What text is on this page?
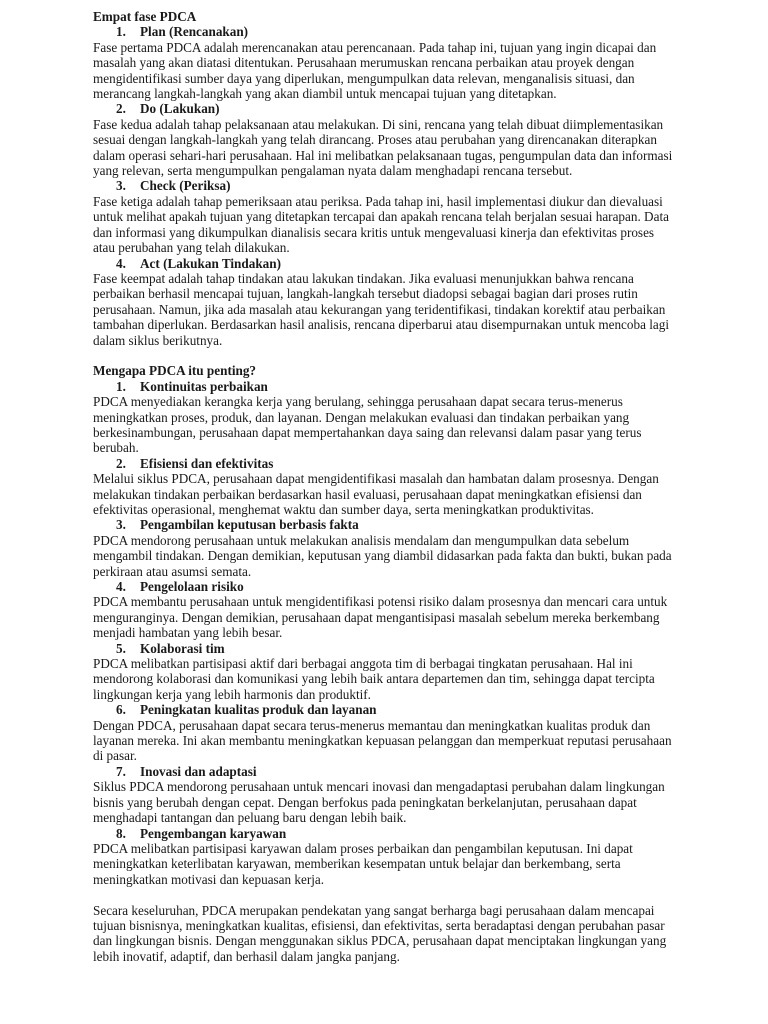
Empat fase PDCA

1. Plan (Rencanakan)

Fase pertama PDCA adalah merencanakan atau perencanaan. Pada tahap ini, tujuan yang ingin dicapai dan masalah yang akan diatasi ditentukan. Perusahaan merumuskan rencana perbaikan atau proyek dengan mengidentifikasi sumber daya yang diperlukan, mengumpulkan data relevan, menganalisis situasi, dan merancang langkah-langkah yang akan diambil untuk mencapai tujuan yang ditetapkan.

2. Do (Lakukan)

Fase kedua adalah tahap pelaksanaan atau melakukan. Di sini, rencana yang telah dibuat diimplementasikan sesuai dengan langkah-langkah yang telah dirancang. Proses atau perubahan yang direncanakan diterapkan dalam operasi sehari-hari perusahaan. Hal ini melibatkan pelaksanaan tugas, pengumpulan data dan informasi yang relevan, serta mengumpulkan pengalaman nyata dalam menghadapi rencana tersebut.

3. Check (Periksa)

Fase ketiga adalah tahap pemeriksaan atau periksa. Pada tahap ini, hasil implementasi diukur dan dievaluasi untuk melihat apakah tujuan yang ditetapkan tercapai dan apakah rencana telah berjalan sesuai harapan. Data dan informasi yang dikumpulkan dianalisis secara kritis untuk mengevaluasi kinerja dan efektivitas proses atau perubahan yang telah dilakukan.

4. Act (Lakukan Tindakan)

Fase keempat adalah tahap tindakan atau lakukan tindakan. Jika evaluasi menunjukkan bahwa rencana perbaikan berhasil mencapai tujuan, langkah-langkah tersebut diadopsi sebagai bagian dari proses rutin perusahaan. Namun, jika ada masalah atau kekurangan yang teridentifikasi, tindakan korektif atau perbaikan tambahan diperlukan. Berdasarkan hasil analisis, rencana diperbarui atau disempurnakan untuk mencoba lagi dalam siklus berikutnya.

Mengapa PDCA itu penting?

1. Kontinuitas perbaikan

PDCA menyediakan kerangka kerja yang berulang, sehingga perusahaan dapat secara terus-menerus meningkatkan proses, produk, dan layanan. Dengan melakukan evaluasi dan tindakan perbaikan yang berkesinambungan, perusahaan dapat mempertahankan daya saing dan relevansi dalam pasar yang terus berubah.

2. Efisiensi dan efektivitas

Melalui siklus PDCA, perusahaan dapat mengidentifikasi masalah dan hambatan dalam prosesnya. Dengan melakukan tindakan perbaikan berdasarkan hasil evaluasi, perusahaan dapat meningkatkan efisiensi dan efektivitas operasional, menghemat waktu dan sumber daya, serta meningkatkan produktivitas.

3. Pengambilan keputusan berbasis fakta

PDCA mendorong perusahaan untuk melakukan analisis mendalam dan mengumpulkan data sebelum mengambil tindakan. Dengan demikian, keputusan yang diambil didasarkan pada fakta dan bukti, bukan pada perkiraan atau asumsi semata.

4. Pengelolaan risiko

PDCA membantu perusahaan untuk mengidentifikasi potensi risiko dalam prosesnya dan mencari cara untuk menguranginya. Dengan demikian, perusahaan dapat mengantisipasi masalah sebelum mereka berkembang menjadi hambatan yang lebih besar.

5. Kolaborasi tim

PDCA melibatkan partisipasi aktif dari berbagai anggota tim di berbagai tingkatan perusahaan. Hal ini mendorong kolaborasi dan komunikasi yang lebih baik antara departemen dan tim, sehingga dapat tercipta lingkungan kerja yang lebih harmonis dan produktif.

6. Peningkatan kualitas produk dan layanan

Dengan PDCA, perusahaan dapat secara terus-menerus memantau dan meningkatkan kualitas produk dan layanan mereka. Ini akan membantu meningkatkan kepuasan pelanggan dan memperkuat reputasi perusahaan di pasar.

7. Inovasi dan adaptasi

Siklus PDCA mendorong perusahaan untuk mencari inovasi dan mengadaptasi perubahan dalam lingkungan bisnis yang berubah dengan cepat. Dengan berfokus pada peningkatan berkelanjutan, perusahaan dapat menghadapi tantangan dan peluang baru dengan lebih baik.

8. Pengembangan karyawan

PDCA melibatkan partisipasi karyawan dalam proses perbaikan dan pengambilan keputusan. Ini dapat meningkatkan keterlibatan karyawan, memberikan kesempatan untuk belajar dan berkembang, serta meningkatkan motivasi dan kepuasan kerja.

Secara keseluruhan, PDCA merupakan pendekatan yang sangat berharga bagi perusahaan dalam mencapai tujuan bisnisnya, meningkatkan kualitas, efisiensi, dan efektivitas, serta beradaptasi dengan perubahan pasar dan lingkungan bisnis. Dengan menggunakan siklus PDCA, perusahaan dapat menciptakan lingkungan yang lebih inovatif, adaptif, dan berhasil dalam jangka panjang.
